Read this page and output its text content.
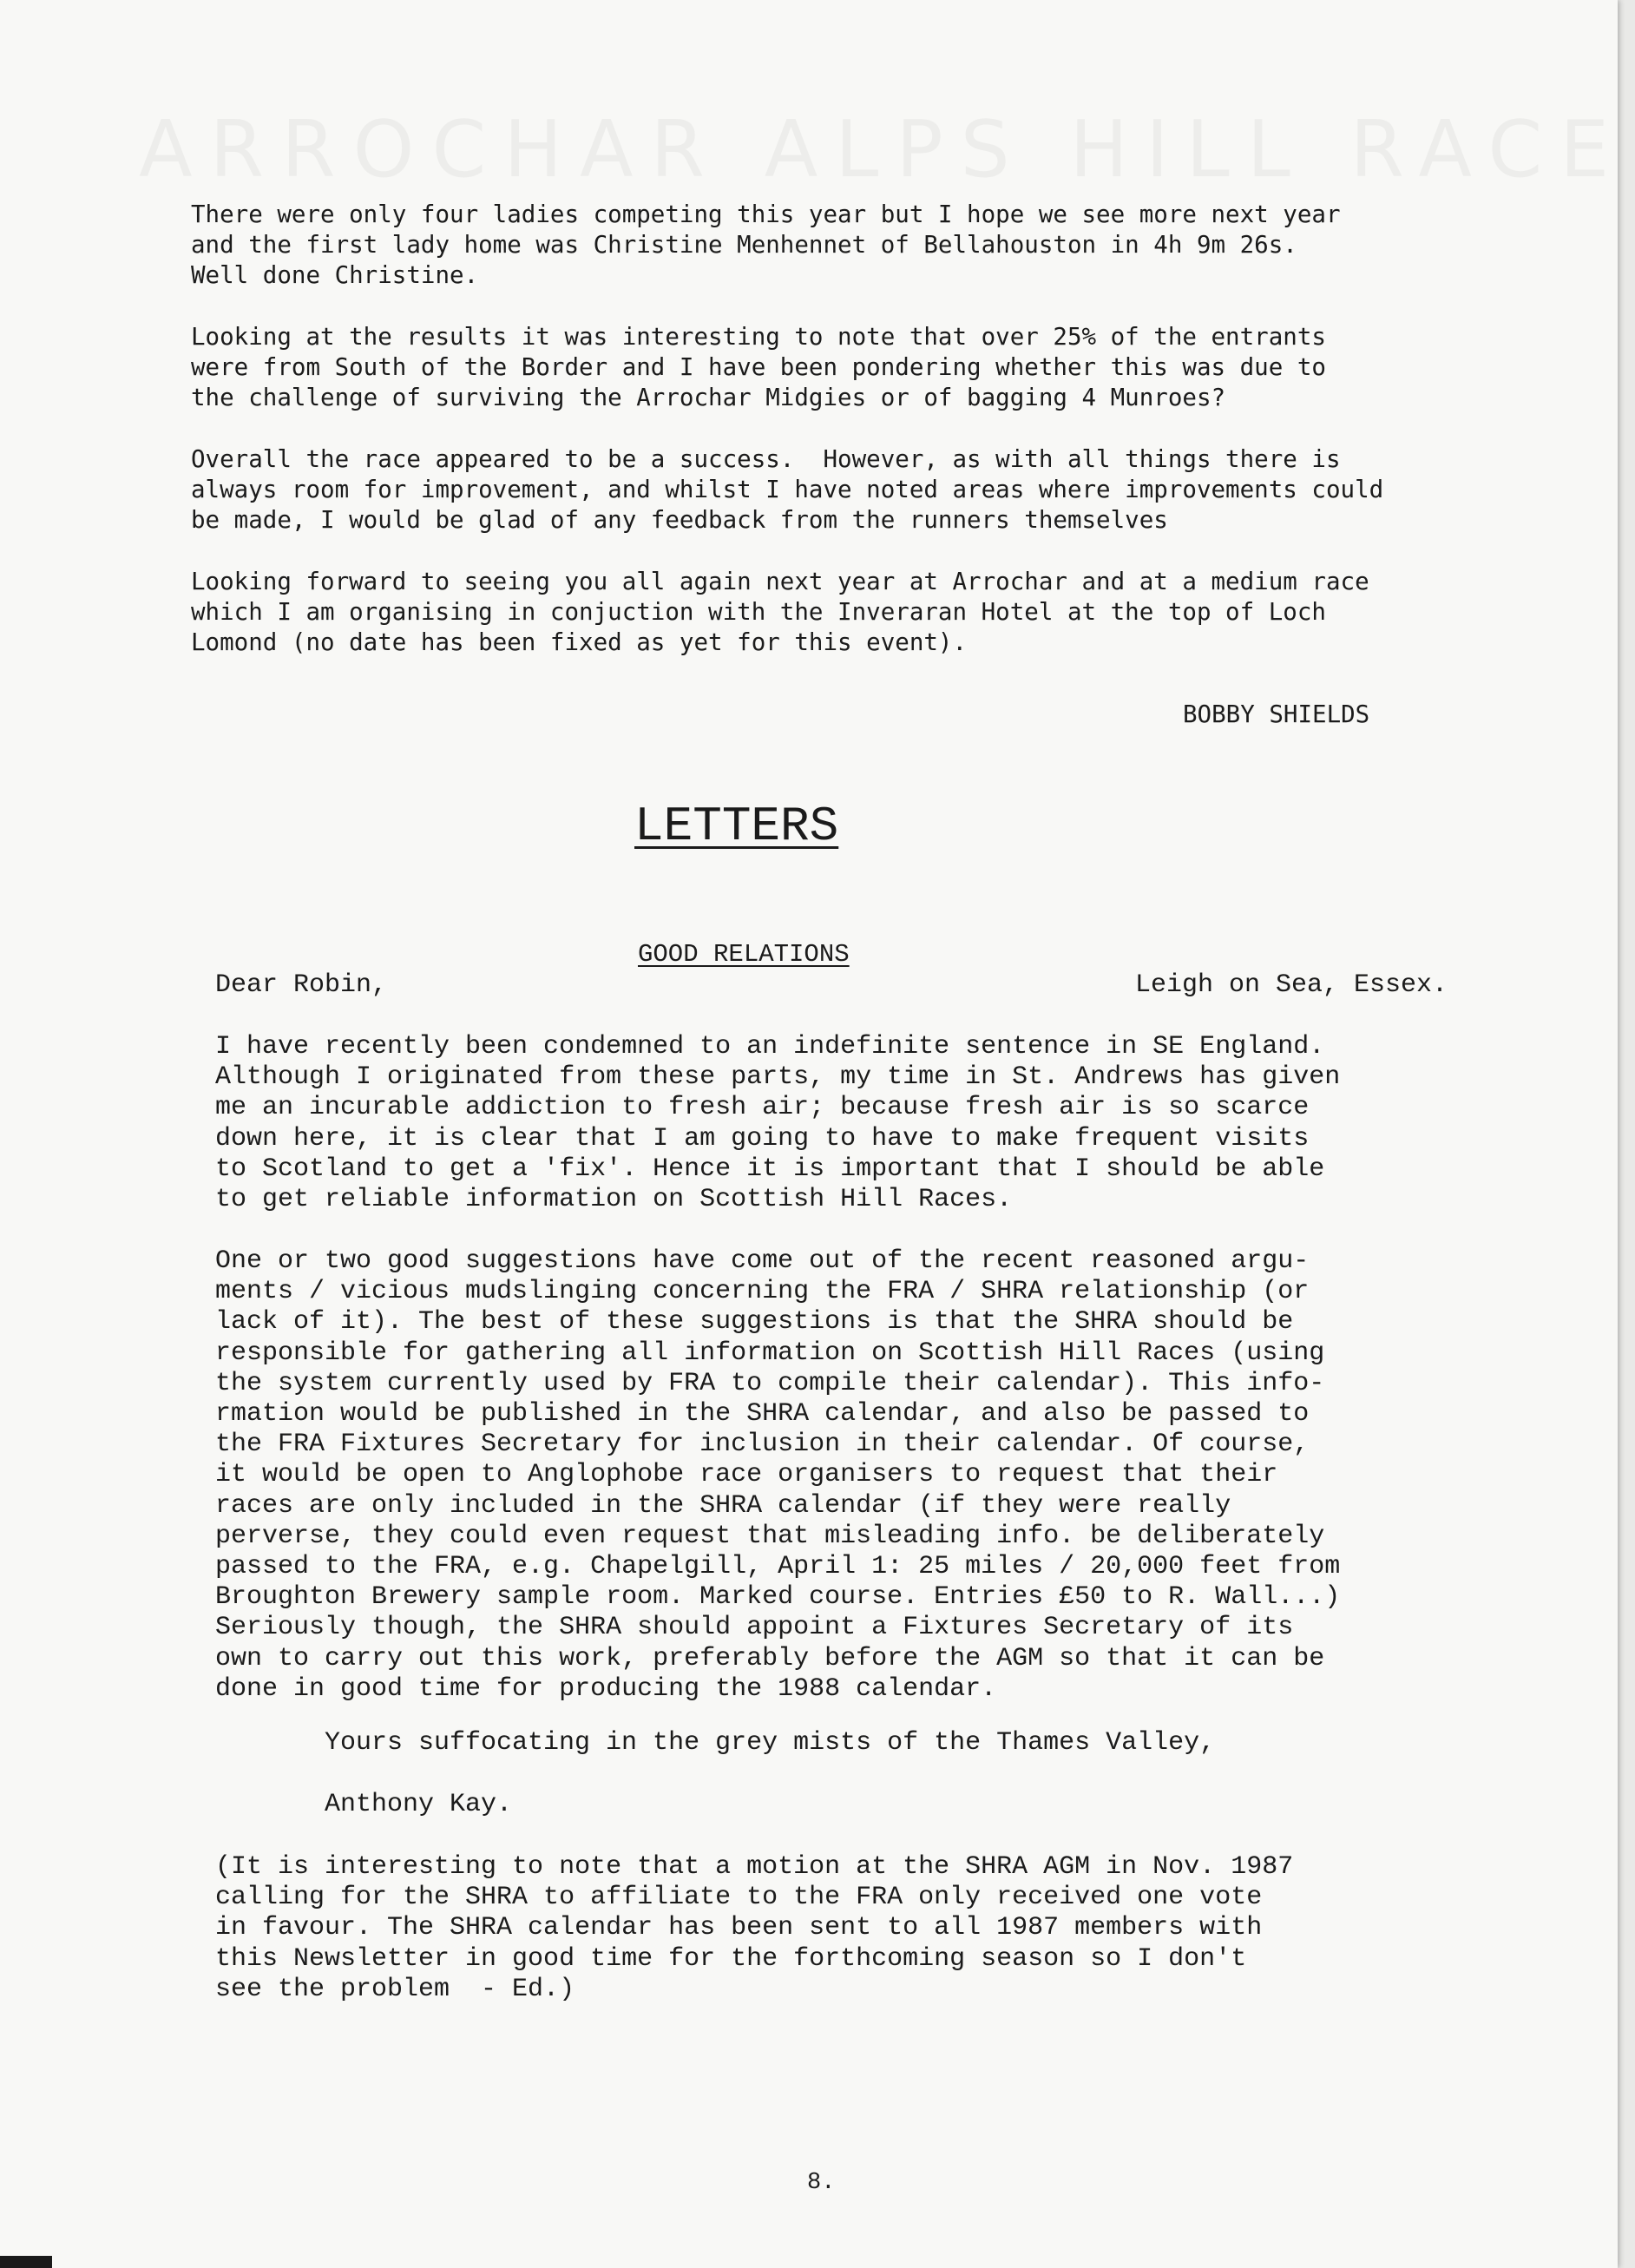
There were only four ladies competing this year but I hope we see more next year
and the first lady home was Christine Menhennet of Bellahouston in 4h 9m 26s.
Well done Christine.

Looking at the results it was interesting to note that over 25% of the entrants
were from South of the Border and I have been pondering whether this was due to
the challenge of surviving the Arrochar Midgies or of bagging 4 Munroes?

Overall the race appeared to be a success.  However, as with all things there is
always room for improvement, and whilst I have noted areas where improvements could
be made, I would be glad of any feedback from the runners themselves

Looking forward to seeing you all again next year at Arrochar and at a medium race
which I am organising in conjuction with the Inveraran Hotel at the top of Loch
Lomond (no date has been fixed as yet for this event).

BOBBY SHIELDS

LETTERS

GOOD RELATIONS

Dear Robin,	Leigh on Sea, Essex.

I have recently been condemned to an indefinite sentence in SE England.
Although I originated from these parts, my time in St. Andrews has given
me an incurable addiction to fresh air; because fresh air is so scarce
down here, it is clear that I am going to have to make frequent visits
to Scotland to get a 'fix'. Hence it is important that I should be able
to get reliable information on Scottish Hill Races.

One or two good suggestions have come out of the recent reasoned argu-
ments / vicious mudslinging concerning the FRA / SHRA relationship (or
lack of it). The best of these suggestions is that the SHRA should be
responsible for gathering all information on Scottish Hill Races (using
the system currently used by FRA to compile their calendar). This info-
rmation would be published in the SHRA calendar, and also be passed to
the FRA Fixtures Secretary for inclusion in their calendar. Of course,
it would be open to Anglophobe race organisers to request that their
races are only included in the SHRA calendar (if they were really
perverse, they could even request that misleading info. be deliberately
passed to the FRA, e.g. Chapelgill, April 1: 25 miles / 20,000 feet from
Broughton Brewery sample room. Marked course. Entries £50 to R. Wall...)
Seriously though, the SHRA should appoint a Fixtures Secretary of its
own to carry out this work, preferably before the AGM so that it can be
done in good time for producing the 1988 calendar.

Yours suffocating in the grey mists of the Thames Valley,

Anthony Kay.

(It is interesting to note that a motion at the SHRA AGM in Nov. 1987
calling for the SHRA to affiliate to the FRA only received one vote
in favour. The SHRA calendar has been sent to all 1987 members with
this Newsletter in good time for the forthcoming season so I don't
see the problem  - Ed.)

8.
